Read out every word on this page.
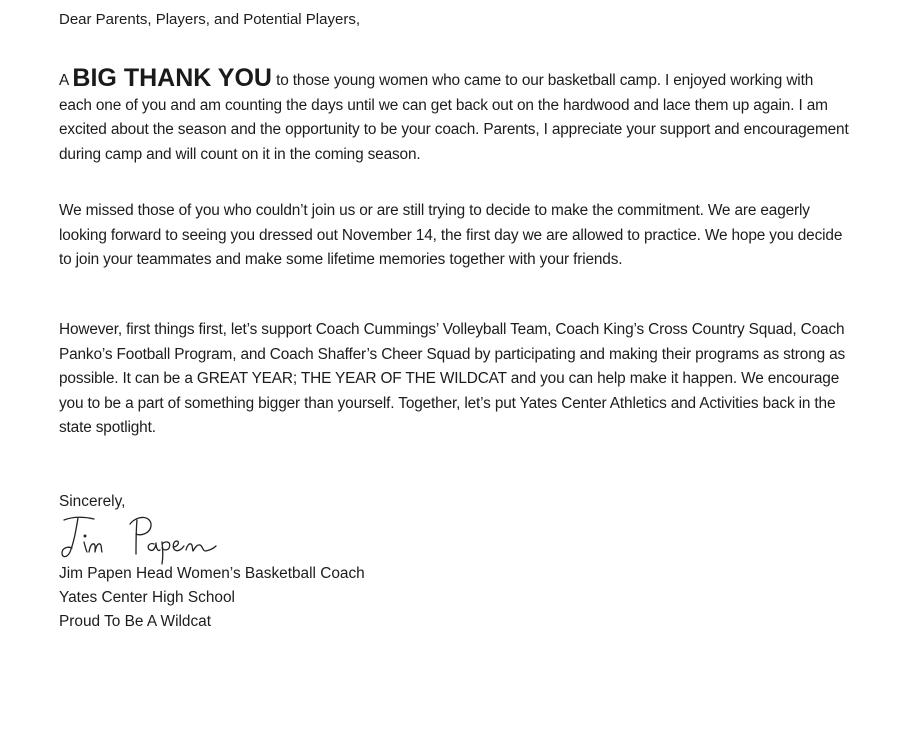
Dear Parents, Players, and Potential Players,

A BIG THANK YOU to those young women who came to our basketball camp. I enjoyed working with each one of you and am counting the days until we can get back out on the hardwood and lace them up again. I am excited about the season and the opportunity to be your coach. Parents, I appreciate your support and encouragement during camp and will count on it in the coming season.

We missed those of you who couldn’t join us or are still trying to decide to make the commitment. We are eagerly looking forward to seeing you dressed out November 14, the first day we are allowed to practice. We hope you decide to join your teammates and make some lifetime memories together with your friends.

However, first things first, let’s support Coach Cummings’ Volleyball Team, Coach King’s Cross Country Squad, Coach Panko’s Football Program, and Coach Shaffer’s Cheer Squad by participating and making their programs as strong as possible. It can be a GREAT YEAR; THE YEAR OF THE WILDCAT and you can help make it happen. We encourage you to be a part of something bigger than yourself. Together, let’s put Yates Center Athletics and Activities back in the state spotlight.

Sincerely,
Jim Papen Head Women’s Basketball Coach
Yates Center High School
Proud To Be A Wildcat
